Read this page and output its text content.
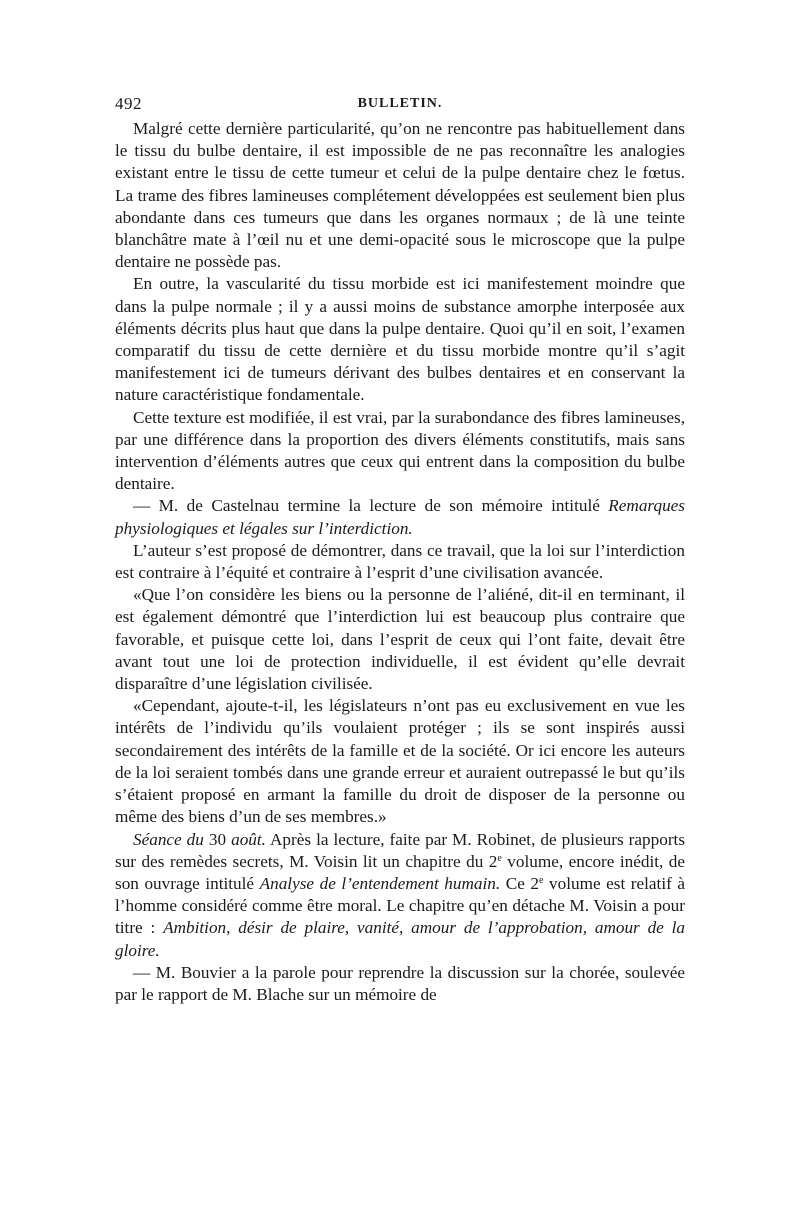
492	BULLETIN.

Malgré cette dernière particularité, qu’on ne rencontre pas habituellement dans le tissu du bulbe dentaire, il est impossible de ne pas reconnaître les analogies existant entre le tissu de cette tumeur et celui de la pulpe dentaire chez le fœtus. La trame des fibres lamineuses complétement développées est seulement bien plus abondante dans ces tumeurs que dans les organes normaux ; de là une teinte blanchâtre mate à l’œil nu et une demi-opacité sous le microscope que la pulpe dentaire ne possède pas.

En outre, la vascularité du tissu morbide est ici manifestement moindre que dans la pulpe normale ; il y a aussi moins de substance amorphe interposée aux éléments décrits plus haut que dans la pulpe dentaire. Quoi qu’il en soit, l’examen comparatif du tissu de cette dernière et du tissu morbide montre qu’il s’agit manifestement ici de tumeurs dérivant des bulbes dentaires et en conservant la nature caractéristique fondamentale.

Cette texture est modifiée, il est vrai, par la surabondance des fibres lamineuses, par une différence dans la proportion des divers éléments constitutifs, mais sans intervention d’éléments autres que ceux qui entrent dans la composition du bulbe dentaire.

— M. de Castelnau termine la lecture de son mémoire intitulé Remarques physiologiques et légales sur l’interdiction.

L’auteur s’est proposé de démontrer, dans ce travail, que la loi sur l’interdiction est contraire à l’équité et contraire à l’esprit d’une civilisation avancée.

«Que l’on considère les biens ou la personne de l’aliéné, dit-il en terminant, il est également démontré que l’interdiction lui est beaucoup plus contraire que favorable, et puisque cette loi, dans l’esprit de ceux qui l’ont faite, devait être avant tout une loi de protection individuelle, il est évident qu’elle devrait disparaître d’une législation civilisée.

«Cependant, ajoute-t-il, les législateurs n’ont pas eu exclusivement en vue les intérêts de l’individu qu’ils voulaient protéger ; ils se sont inspirés aussi secondairement des intérêts de la famille et de la société. Or ici encore les auteurs de la loi seraient tombés dans une grande erreur et auraient outrepassé le but qu’ils s’étaient proposé en armant la famille du droit de disposer de la personne ou même des biens d’un de ses membres.»

Séance du 30 août. Après la lecture, faite par M. Robinet, de plusieurs rapports sur des remèdes secrets, M. Voisin lit un chapitre du 2e volume, encore inédit, de son ouvrage intitulé Analyse de l’entendement humain. Ce 2e volume est relatif à l’homme considéré comme être moral. Le chapitre qu’en détache M. Voisin a pour titre : Ambition, désir de plaire, vanité, amour de l’approbation, amour de la gloire.

— M. Bouvier a la parole pour reprendre la discussion sur la chorée, soulevée par le rapport de M. Blache sur un mémoire de
